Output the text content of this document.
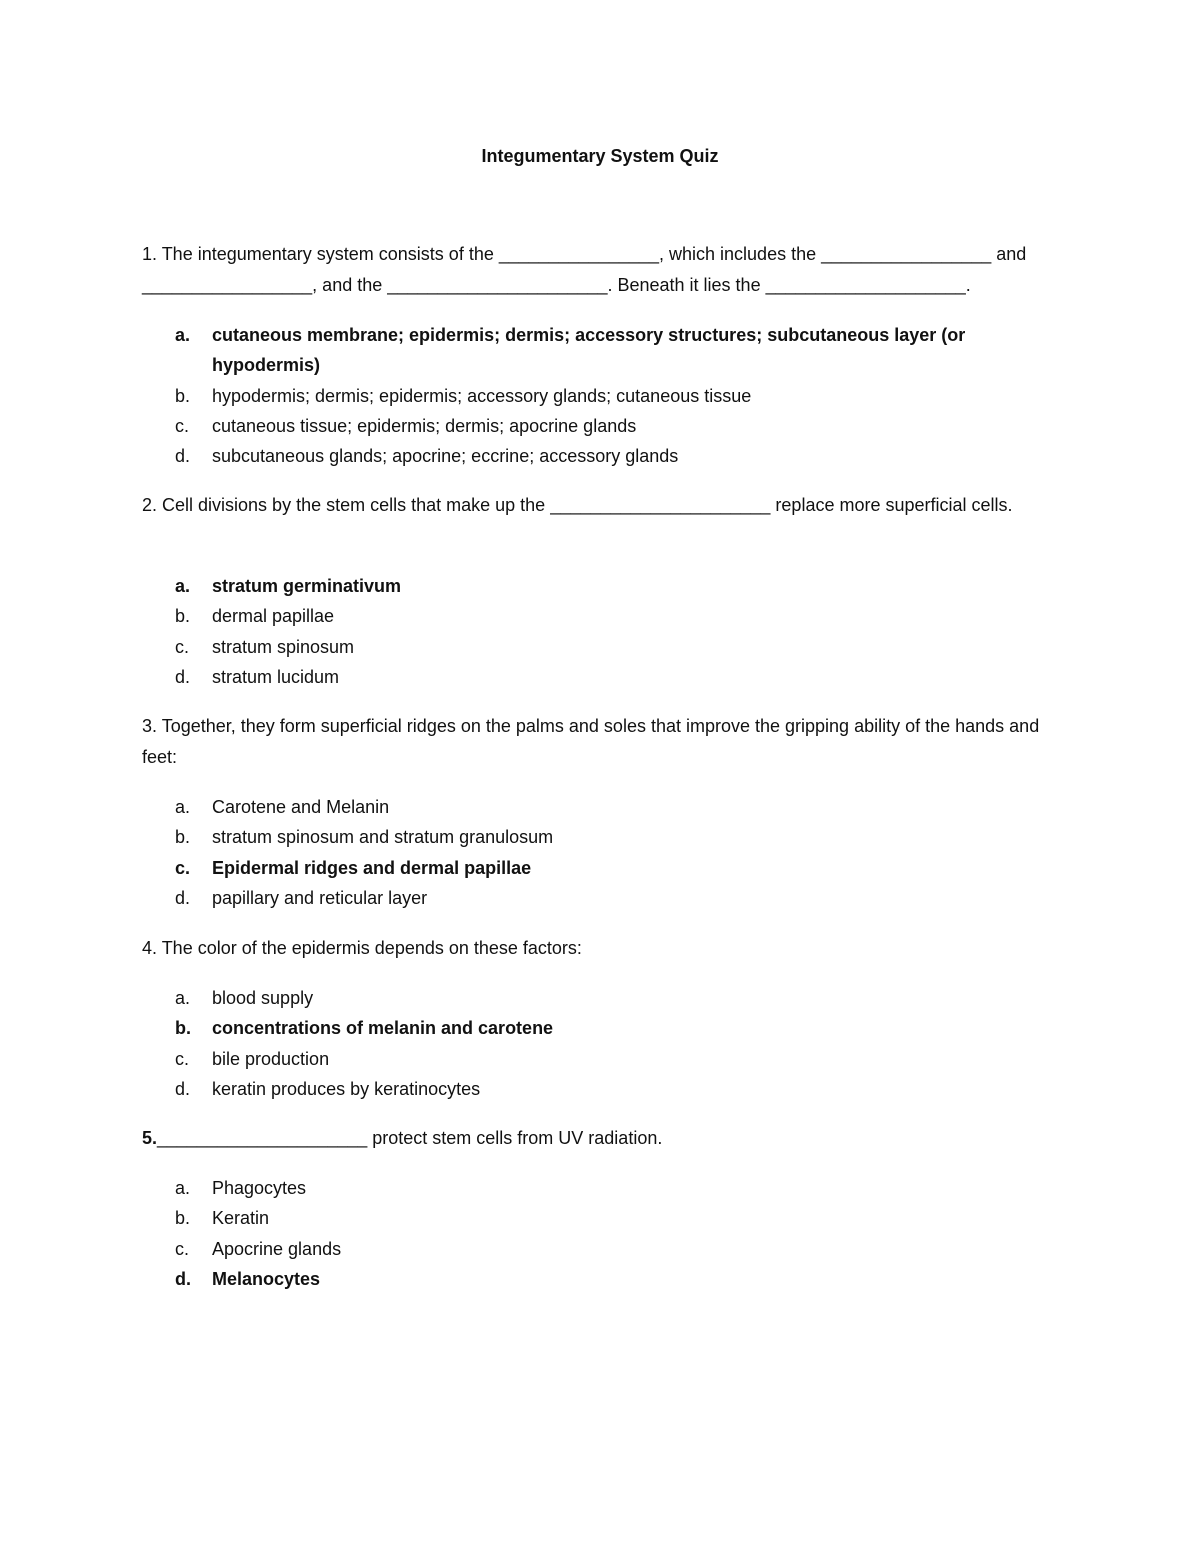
Integumentary System Quiz

1. The integumentary system consists of the ________________, which includes the _________________ and _________________, and the ______________________. Beneath it lies the ____________________.

a.	cutaneous membrane; epidermis; dermis; accessory structures; subcutaneous layer (or hypodermis)
b.	hypodermis; dermis; epidermis; accessory glands; cutaneous tissue
c.	cutaneous tissue; epidermis; dermis; apocrine glands
d.	subcutaneous glands; apocrine; eccrine; accessory glands

2. Cell divisions by the stem cells that make up the ______________________ replace more superficial cells.

a.	stratum germinativum
b.	dermal papillae
c.	stratum spinosum
d.	stratum lucidum

3. Together, they form superficial ridges on the palms and soles that improve the gripping ability of the hands and feet:

a.	Carotene and Melanin
b.	stratum spinosum and stratum granulosum
c.	Epidermal ridges and dermal papillae
d.	papillary and reticular layer

4. The color of the epidermis depends on these factors:

a.	blood supply
b.	concentrations of melanin and carotene
c.	bile production
d.	keratin produces by keratinocytes

5._____________________ protect stem cells from UV radiation.

a.	Phagocytes
b.	Keratin
c.	Apocrine glands
d.	Melanocytes
